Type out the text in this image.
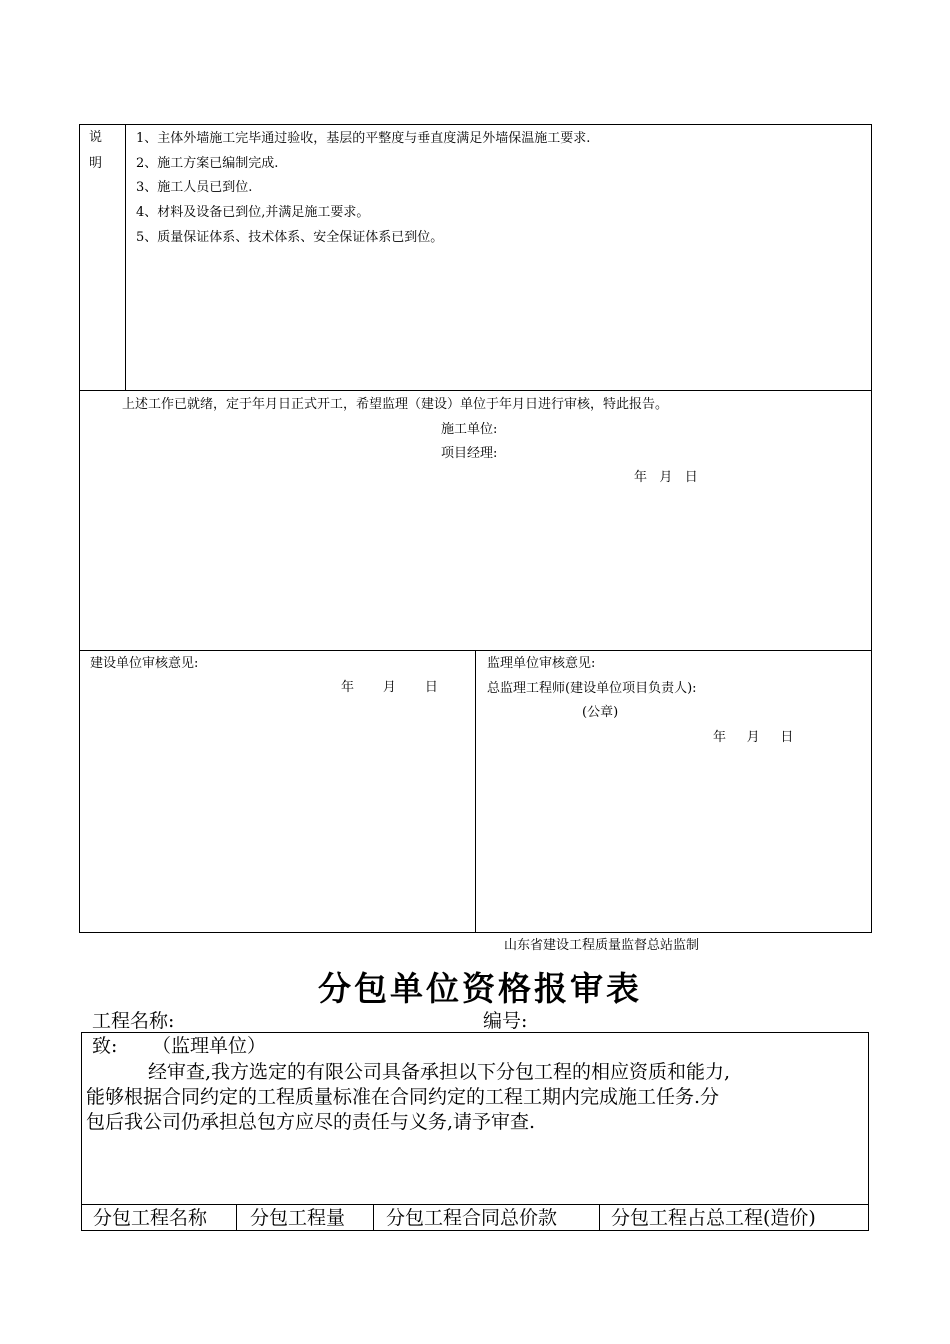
说
明
1、主体外墙施工完毕通过验收，基层的平整度与垂直度满足外墙保温施工要求.
2、施工方案已编制完成.
3、施工人员已到位.
4、材料及设备已到位,并满足施工要求。
5、质量保证体系、技术体系、安全保证体系已到位。
上述工作已就绪，定于年月日正式开工，希望监理（建设）单位于年月日进行审核，特此报告。
施工单位:
项目经理:
年   月   日
建设单位审核意见:
年       月       日
监理单位审核意见:
总监理工程师(建设单位项目负责人):
(公章)
年     月     日
山东省建设工程质量监督总站监制
分包单位资格报审表
工程名称:	编号:
致: （监理单位）
经审查,我方选定的有限公司具备承担以下分包工程的相应资质和能力,
能够根据合同约定的工程质量标准在合同约定的工程工期内完成施工任务.分
包后我公司仍承担总包方应尽的责任与义务,请予审查.
分包工程名称 分包工程量 分包工程合同总价款	分包工程占总工程(造价)
